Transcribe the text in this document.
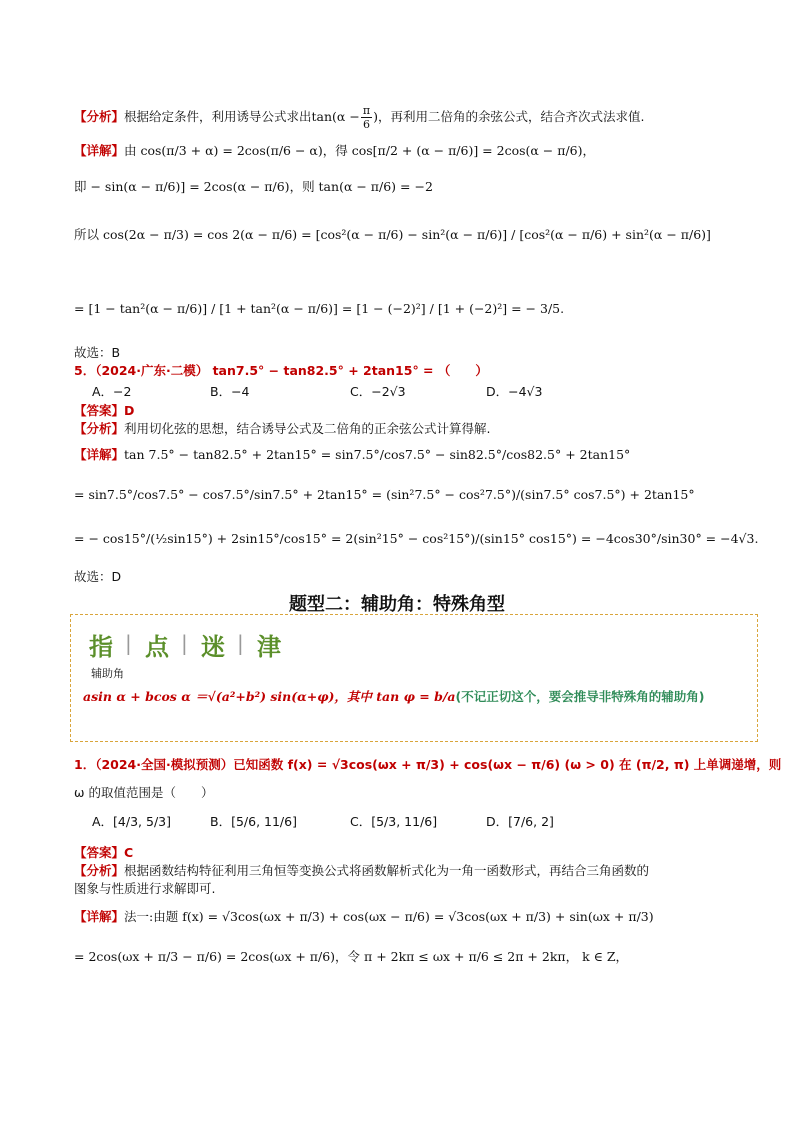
【分析】根据给定条件，利用诱导公式求出$\tan(\alpha - \frac{\pi}{6}$ )，再利用二倍角的余弦公式，结合齐次式法求值.
【详解】由 cos(π/3 + α) = 2cos(π/6 − α)，得 cos[π/2 + (α − π/6)] = 2cos(α − π/6)，
即 − sin(α − π/6)] = 2cos(α − π/6)，则 tan(α − π/6) = −2
所以 cos(2α − π/3) = cos 2(α − π/6) = [cos²(α − π/6) − sin²(α − π/6)] / [cos²(α − π/6) + sin²(α − π/6)]
= [1 − tan²(α − π/6)] / [1 + tan²(α − π/6)] = [1 − (−2)²] / [1 + (−2)²] = − 3/5.
故选：B
5．（2024·广东·二模） tan7.5° − tan82.5° + 2tan15° = （　　）
A．−2	B．−4	C．−2√3	D．−4√3
【答案】D
【分析】利用切化弦的思想，结合诱导公式及二倍角的正余弦公式计算得解.
【详解】tan 7.5° − tan82.5° + 2tan15° = sin7.5°/cos7.5° − sin82.5°/cos82.5° + 2tan15°
= sin7.5°/cos7.5° − cos7.5°/sin7.5° + 2tan15° = (sin²7.5° − cos²7.5°)/(sin7.5° cos7.5°) + 2tan15°
= − cos15°/(½sin15°) + 2sin15°/cos15° = 2(sin²15° − cos²15°)/(sin15° cos15°) = −4cos30°/sin30° = −4√3.
故选：D
题型二：辅助角：特殊角型
指 | 点 | 迷 | 津
辅助角
asin α + bcos α ＝√(a²+b²) sin(α+φ)，其中 tan φ = b/a(不记正切这个，要会推导非特殊角的辅助角)
1．（2024·全国·模拟预测）已知函数 f(x) = √3cos(ωx + π/3) + cos(ωx − π/6) (ω > 0) 在 (π/2, π) 上单调递增，则
ω 的取值范围是（　　）
A．[4/3, 5/3]	B．[5/6, 11/6]	C．[5/3, 11/6]	D．[7/6, 2]
【答案】C
【分析】根据函数结构特征利用三角恒等变换公式将函数解析式化为一角一函数形式，再结合三角函数的
图象与性质进行求解即可.
【详解】法一:由题 f(x) = √3cos(ωx + π/3) + cos(ωx − π/6) = √3cos(ωx + π/3) + sin(ωx + π/3)
= 2cos(ωx + π/3 − π/6) = 2cos(ωx + π/6)，令 π + 2kπ ≤ ωx + π/6 ≤ 2π + 2kπ， k ∈ Z，
